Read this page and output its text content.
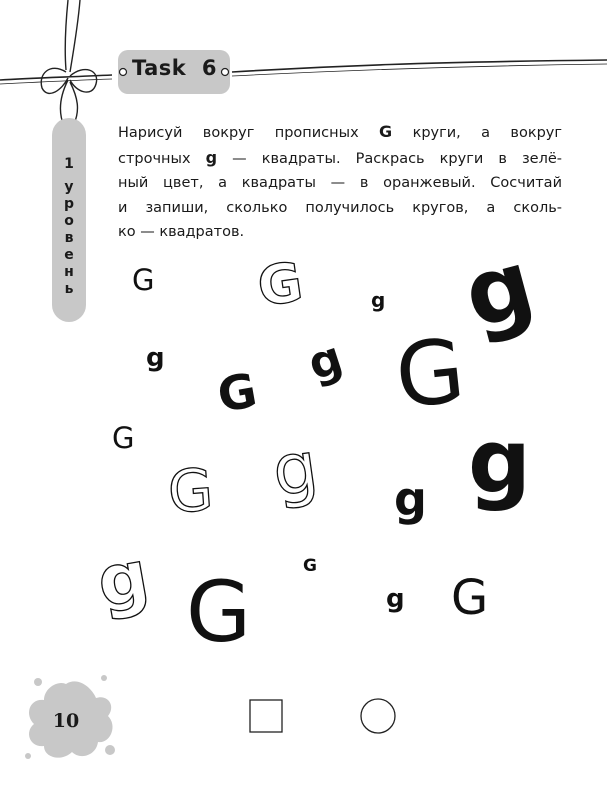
Task  6
1
у
р
о
в
е
н
ь

Нарисуй вокруг прописных G круги, а вокруг
строчных g — квадраты. Раскрась круги в зелё-
ный цвет, а квадраты — в оранжевый. Сосчитай
и запиши, сколько получилось кругов, а сколь-
ко — квадратов.

G G	g g
g	g G
G
G
G g g
g
g	G
G	g G
10
